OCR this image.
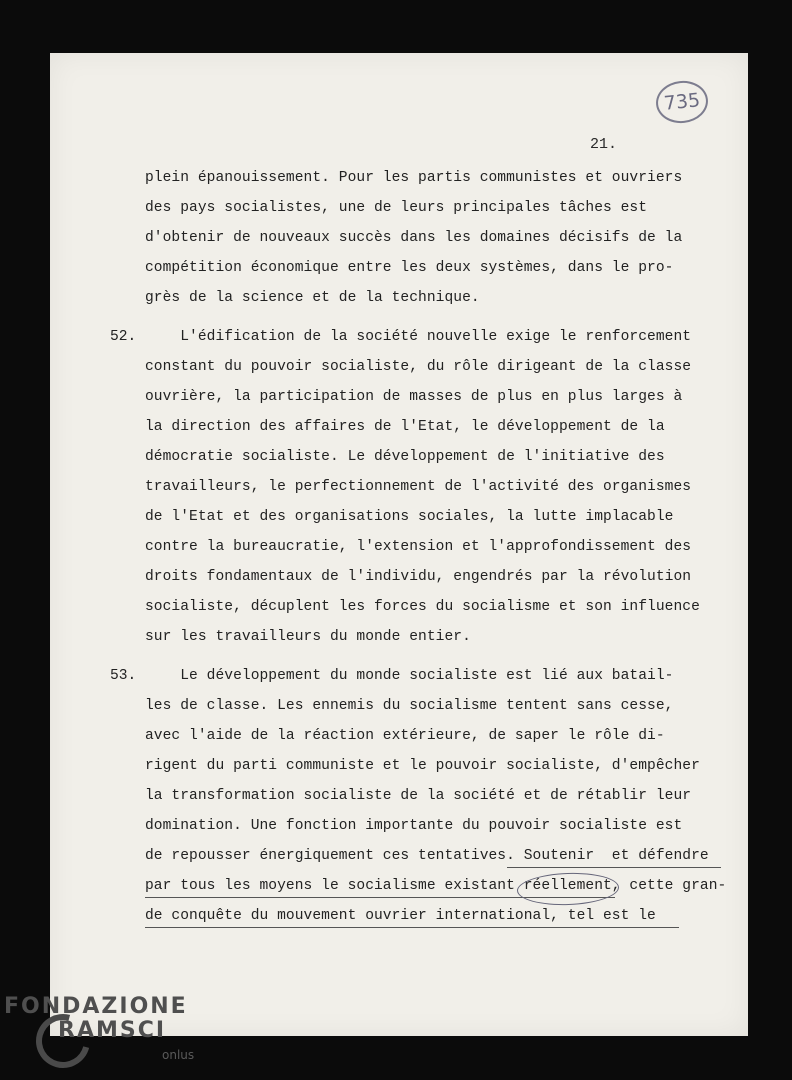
735
21.
plein épanouissement. Pour les partis communistes et ouvriers
des pays socialistes, une de leurs principales tâches est
d'obtenir de nouveaux succès dans les domaines décisifs de la
compétition économique entre les deux systèmes, dans le pro-
grès de la science et de la technique.
52. L'édification de la société nouvelle exige le renforcement
constant du pouvoir socialiste, du rôle dirigeant de la classe
ouvrière, la participation de masses de plus en plus larges à
la direction des affaires de l'Etat, le développement de la
démocratie socialiste. Le développement de l'initiative des
travailleurs, le perfectionnement de l'activité des organismes
de l'Etat et des organisations sociales, la lutte implacable
contre la bureaucratie, l'extension et l'approfondissement des
droits fondamentaux de l'individu, engendrés par la révolution
socialiste, décuplent les forces du socialisme et son influence
sur les travailleurs du monde entier.
53. Le développement du monde socialiste est lié aux batail-
les de classe. Les ennemis du socialisme tentent sans cesse,
avec l'aide de la réaction extérieure, de saper le rôle di-
rigent du parti communiste et le pouvoir socialiste, d'empêcher
la transformation socialiste de la société et de rétablir leur
domination. Une fonction importante du pouvoir socialiste est
de repousser énergiquement ces tentatives. Soutenir  et défendre
par tous les moyens le socialisme existant réellement, cette gran-
de conquête du mouvement ouvrier international, tel est le
FONDAZIONE
RAMSCI
onlus
